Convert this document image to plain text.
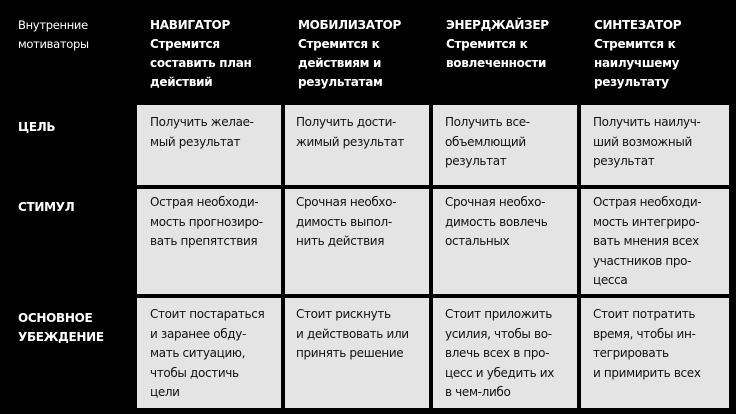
Внутренние мотиваторы
НАВИГАТОР
Стремится составить план действий
МОБИЛИЗАТОР
Стремится к действиям и результатам
ЭНЕРДЖАЙЗЕР
Стремится к вовлеченности
СИНТЕЗАТОР
Стремится к наилучшему результату
ЦЕЛЬ
СТИМУЛ
ОСНОВНОЕ УБЕЖДЕНИЕ
Получить желае-
мый результат
Получить дости-
жимый результат
Получить все-
объемлющий
результат
Получить наилуч-
ший возможный
результат
Острая необходи-
мость прогнозиро-
вать препятствия
Срочная необхо-
димость выпол-
нить действия
Срочная необхо-
димость вовлечь
остальных
Острая необходи-
мость интегриро-
вать мнения всех
участников про-
цесса
Стоит постараться
и заранее обду-
мать ситуацию,
чтобы достичь
цели
Стоит рискнуть
и действовать или
принять решение
Стоит приложить
усилия, чтобы во-
влечь всех в про-
цесс и убедить их
в чем-либо
Стоит потратить
время, чтобы ин-
тегрировать
и примирить всех
